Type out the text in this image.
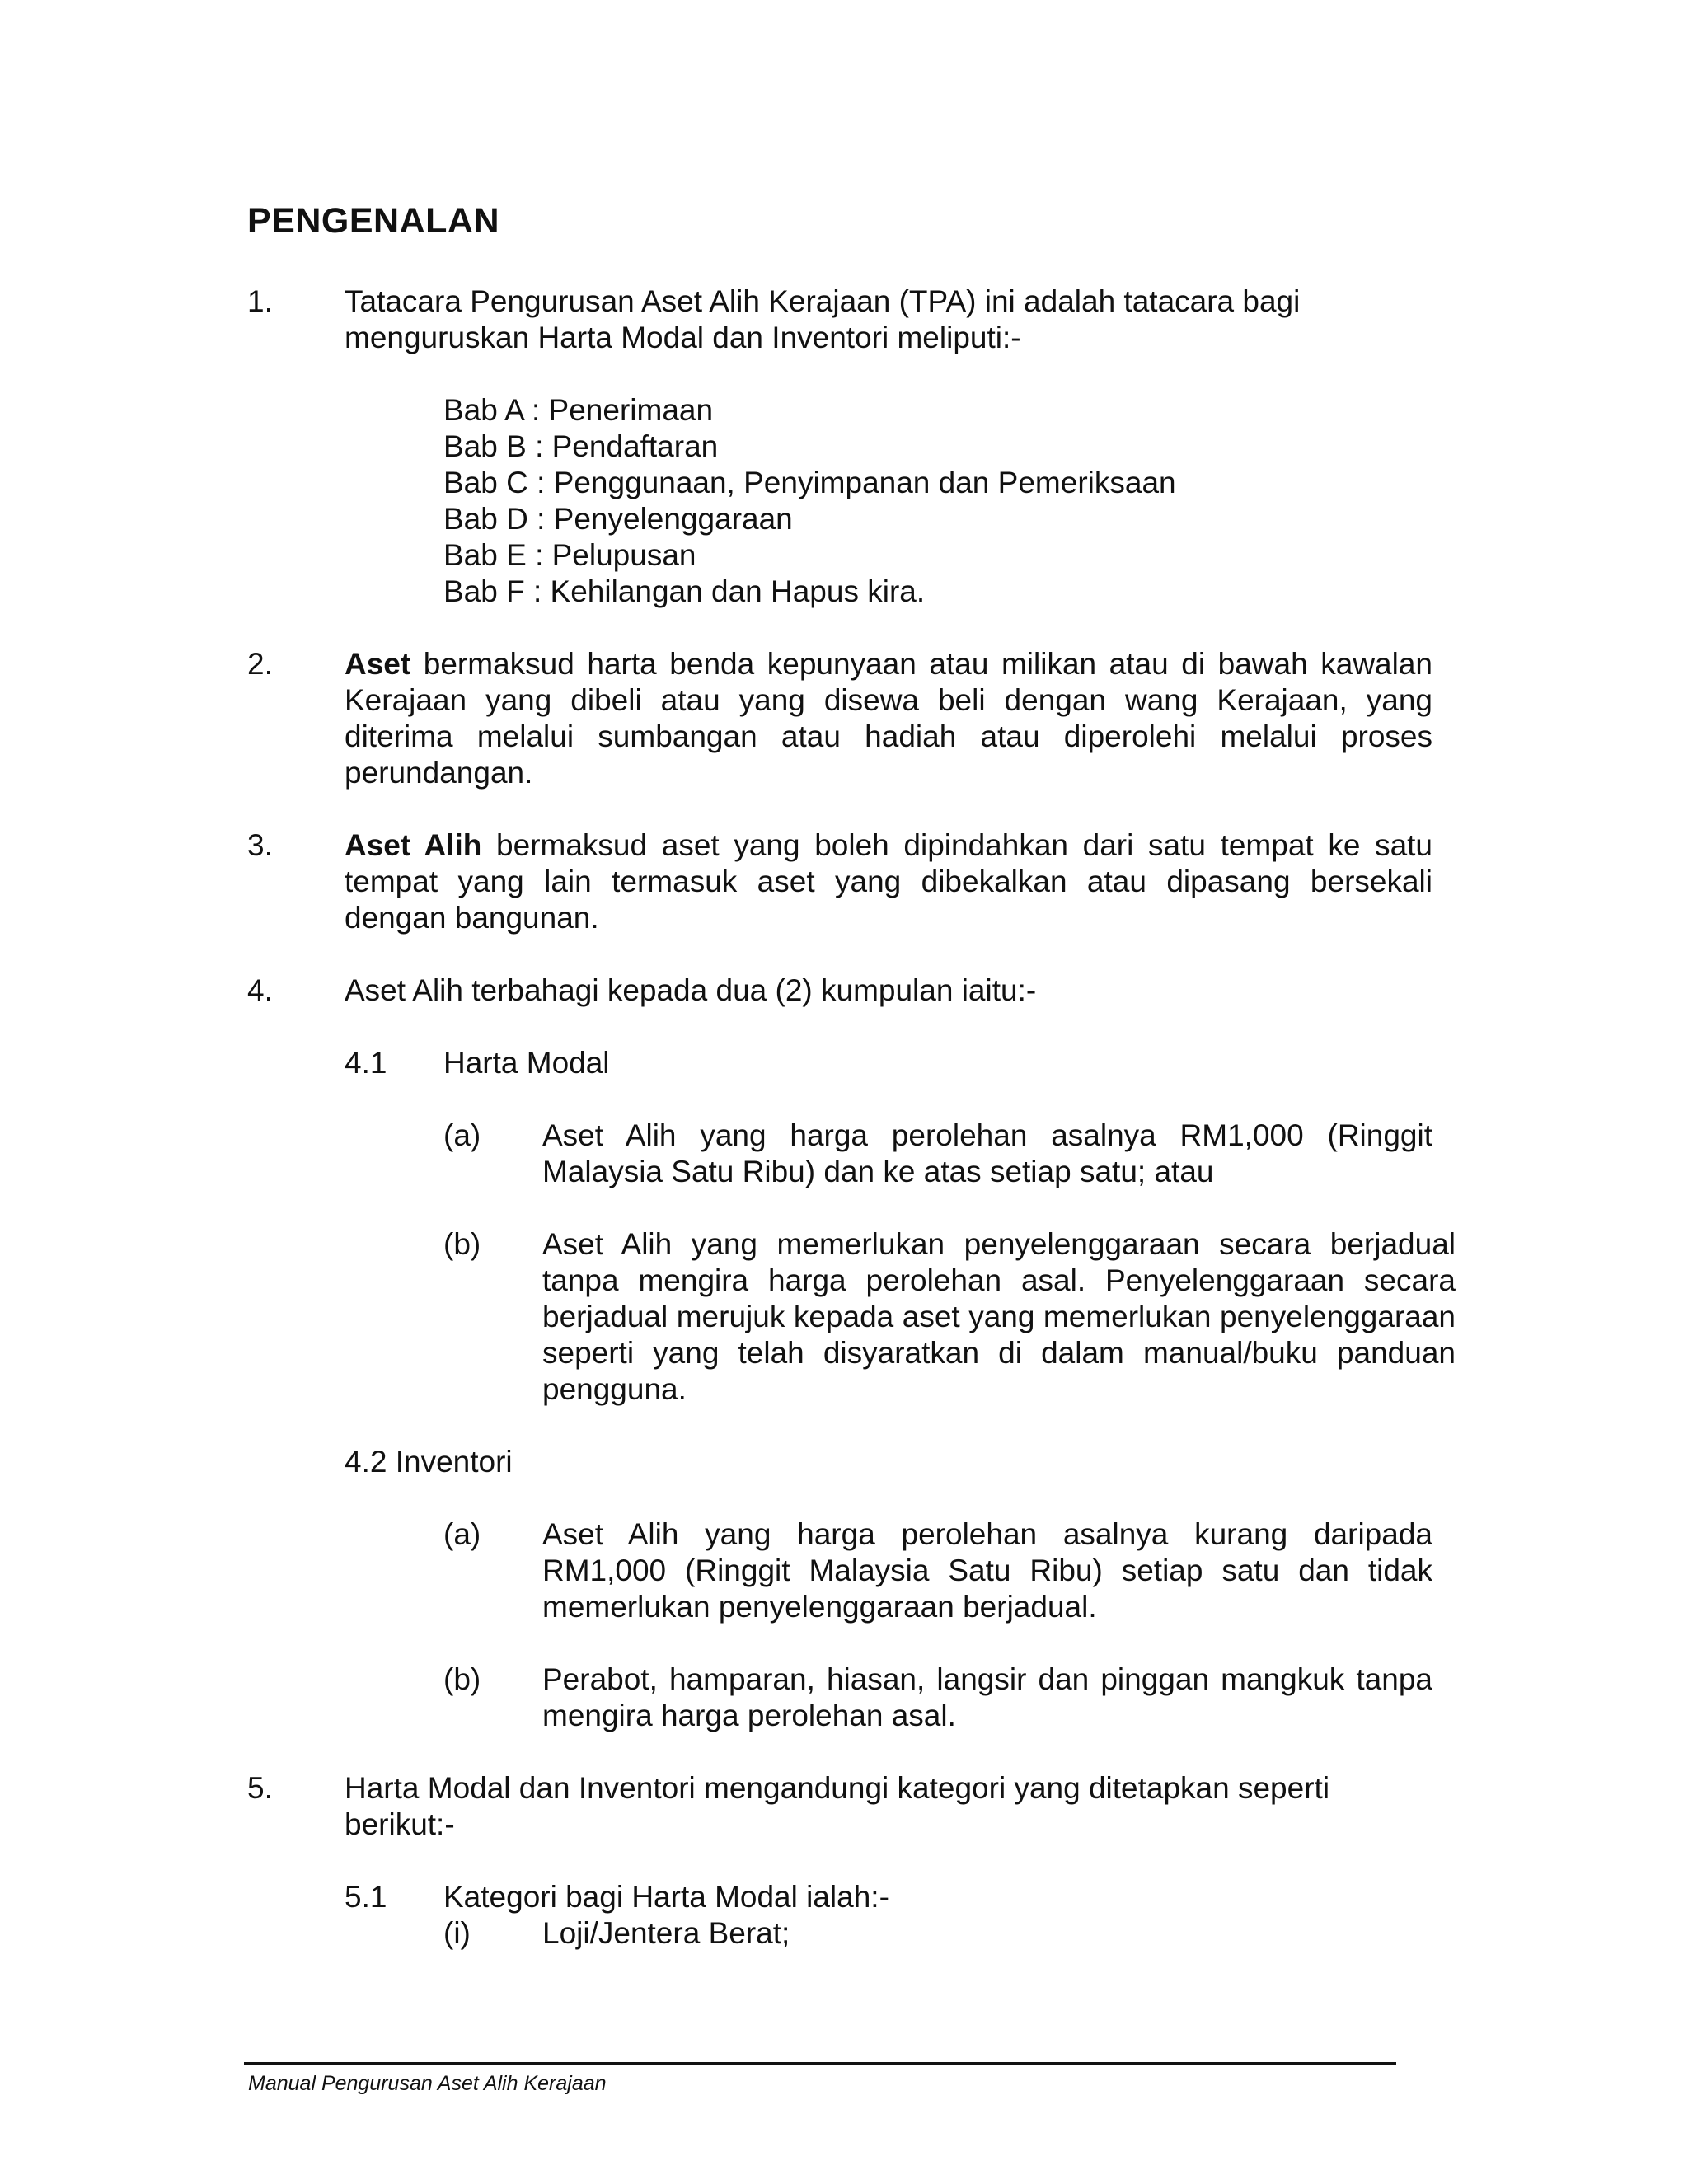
PENGENALAN
1. Tatacara Pengurusan Aset Alih Kerajaan (TPA) ini adalah tatacara bagi menguruskan Harta Modal dan Inventori meliputi:-
Bab A : Penerimaan
Bab B : Pendaftaran
Bab C : Penggunaan, Penyimpanan dan Pemeriksaan
Bab D : Penyelenggaraan
Bab E : Pelupusan
Bab F : Kehilangan dan Hapus kira.
2. Aset bermaksud harta benda kepunyaan atau milikan atau di bawah kawalan Kerajaan yang dibeli atau yang disewa beli dengan wang Kerajaan, yang diterima melalui sumbangan atau hadiah atau diperolehi melalui proses perundangan.
3. Aset Alih bermaksud aset yang boleh dipindahkan dari satu tempat ke satu tempat yang lain termasuk aset yang dibekalkan atau dipasang bersekali dengan bangunan.
4. Aset Alih terbahagi kepada dua (2) kumpulan iaitu:-
4.1 Harta Modal
(a) Aset Alih yang harga perolehan asalnya RM1,000 (Ringgit Malaysia Satu Ribu) dan ke atas setiap satu; atau
(b) Aset Alih yang memerlukan penyelenggaraan secara berjadual tanpa mengira harga perolehan asal. Penyelenggaraan secara berjadual merujuk kepada aset yang memerlukan penyelenggaraan seperti yang telah disyaratkan di dalam manual/buku panduan pengguna.
4.2 Inventori
(a) Aset Alih yang harga perolehan asalnya kurang daripada RM1,000 (Ringgit Malaysia Satu Ribu) setiap satu dan tidak memerlukan penyelenggaraan berjadual.
(b) Perabot, hamparan, hiasan, langsir dan pinggan mangkuk tanpa mengira harga perolehan asal.
5. Harta Modal dan Inventori mengandungi kategori yang ditetapkan seperti berikut:-
5.1 Kategori bagi Harta Modal ialah:-
(i) Loji/Jentera Berat;
Manual Pengurusan Aset Alih Kerajaan
